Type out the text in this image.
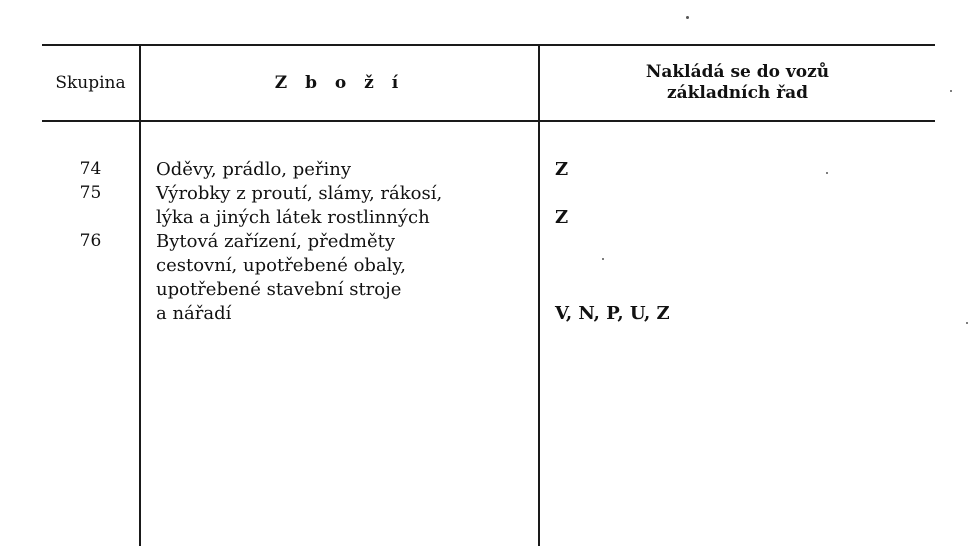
Skupina	Z b o ž í
Nakládá se do vozů
základních řad
74	Oděvy, prádlo, peřiny	Z
75	Výrobky z proutí, slámy, rákosí,
lýka a jiných látek rostlinných	Z
76	Bytová zařízení, předměty
cestovní, upotřebené obaly,
upotřebené stavební stroje
a nářadí	V, N, P, U, Z
